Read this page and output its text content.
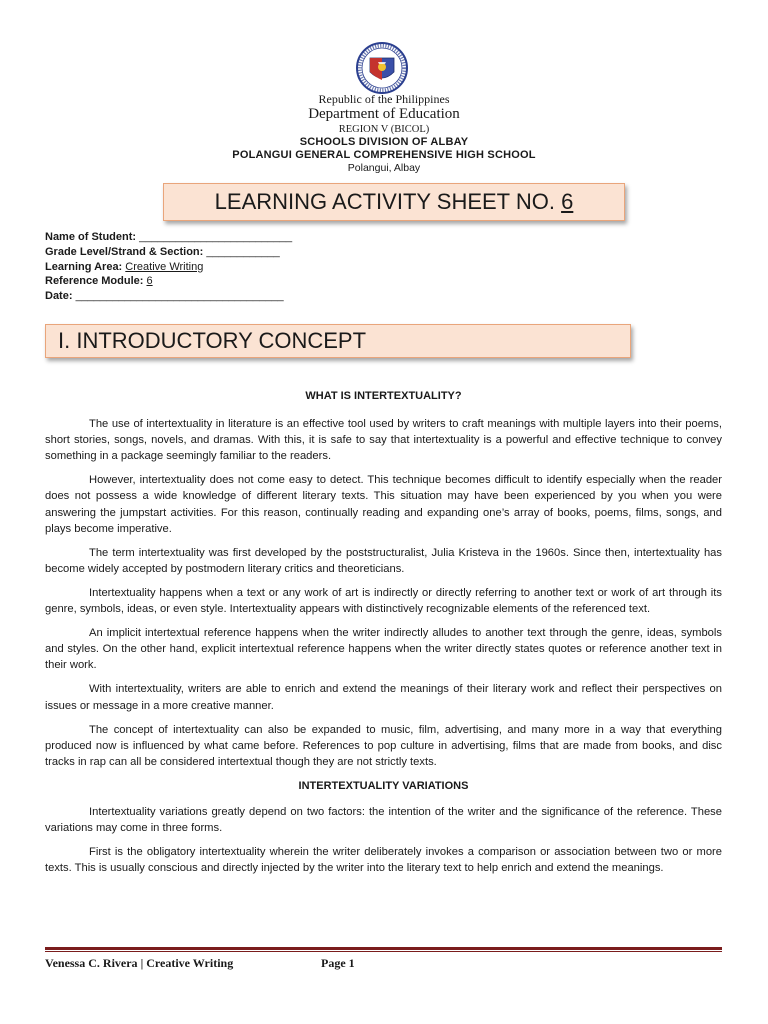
Republic of the Philippines
Department of Education
REGION V (BICOL)
SCHOOLS DIVISION OF ALBAY
POLANGUI GENERAL COMPREHENSIVE HIGH SCHOOL
Polangui, Albay
LEARNING ACTIVITY SHEET NO. 6
Name of Student: _________________________
Grade Level/Strand & Section: ____________
Learning Area: Creative Writing
Reference Module: 6
Date: __________________________________
I. INTRODUCTORY CONCEPT
WHAT IS INTERTEXTUALITY?

The use of intertextuality in literature is an effective tool used by writers to craft meanings with multiple layers into their poems, short stories, songs, novels, and dramas. With this, it is safe to say that intertextuality is a powerful and effective technique to convey something in a package seemingly familiar to the readers.

However, intertextuality does not come easy to detect. This technique becomes difficult to identify especially when the reader does not possess a wide knowledge of different literary texts. This situation may have been experienced by you when you were answering the jumpstart activities. For this reason, continually reading and expanding one’s array of books, poems, films, songs, and plays become imperative.

The term intertextuality was first developed by the poststructuralist, Julia Kristeva in the 1960s. Since then, intertextuality has become widely accepted by postmodern literary critics and theoreticians.

Intertextuality happens when a text or any work of art is indirectly or directly referring to another text or work of art through its genre, symbols, ideas, or even style. Intertextuality appears with distinctively recognizable elements of the referenced text.

An implicit intertextual reference happens when the writer indirectly alludes to another text through the genre, ideas, symbols and styles. On the other hand, explicit intertextual reference happens when the writer directly states quotes or reference another text in their work.

With intertextuality, writers are able to enrich and extend the meanings of their literary work and reflect their perspectives on issues or message in a more creative manner.

The concept of intertextuality can also be expanded to music, film, advertising, and many more in a way that everything produced now is influenced by what came before. References to pop culture in advertising, films that are made from books, and disc tracks in rap can all be considered intertextual though they are not strictly texts.

INTERTEXTUALITY VARIATIONS

Intertextuality variations greatly depend on two factors: the intention of the writer and the significance of the reference. These variations may come in three forms.

First is the obligatory intertextuality wherein the writer deliberately invokes a comparison or association between two or more texts. This is usually conscious and directly injected by the writer into the literary text to help enrich and extend the meanings.

Venessa C. Rivera | Creative Writing	Page 1
